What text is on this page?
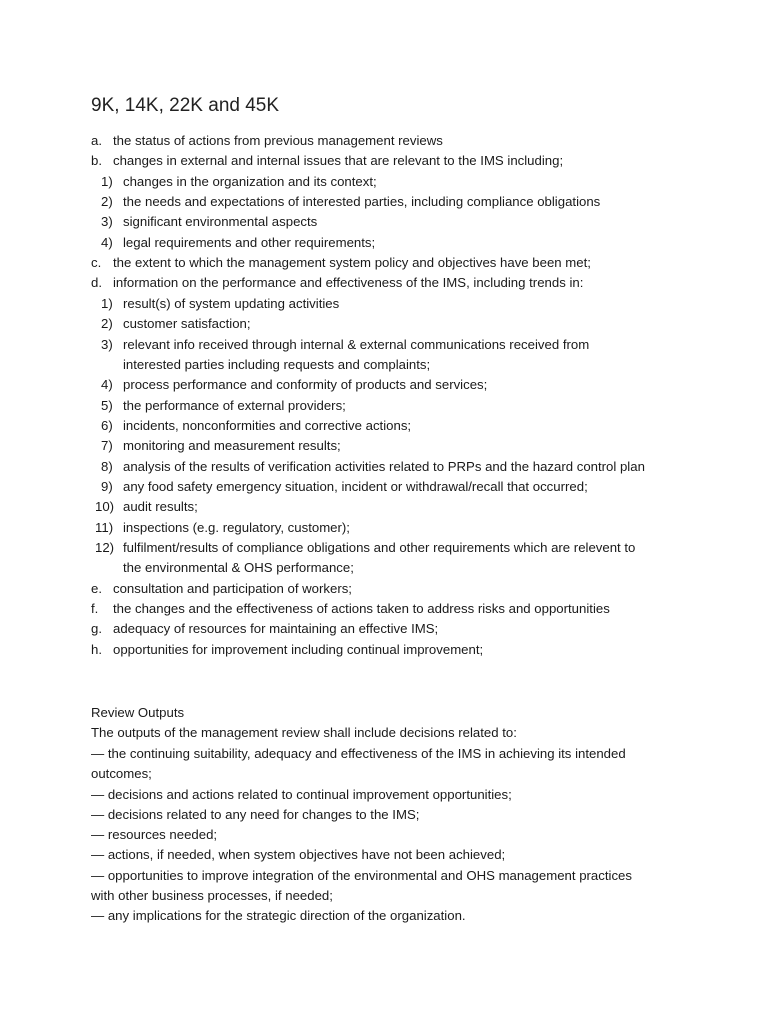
9K, 14K, 22K and 45K
a. the status of actions from previous management reviews
b. changes in external and internal issues that are relevant to the IMS including;
1) changes in the organization and its context;
2) the needs and expectations of interested parties, including compliance obligations
3) significant environmental aspects
4) legal requirements and other requirements;
c. the extent to which the management system policy and objectives have been met;
d. information on the performance and effectiveness of the IMS, including trends in:
1) result(s) of system updating activities
2) customer satisfaction;
3) relevant info received through internal & external communications received from
interested parties including requests and complaints;
4) process performance and conformity of products and services;
5) the performance of external providers;
6) incidents, nonconformities and corrective actions;
7) monitoring and measurement results;
8) analysis of the results of verification activities related to PRPs and the hazard control plan
9) any food safety emergency situation, incident or withdrawal/recall that occurred;
10) audit results;
11) inspections (e.g. regulatory, customer);
12) fulfilment/results of compliance obligations and other requirements which are relevent to
the environmental & OHS performance;
e. consultation and participation of workers;
f. the changes and the effectiveness of actions taken to address risks and opportunities
g. adequacy of resources for maintaining an effective IMS;
h. opportunities for improvement including continual improvement;
Review Outputs
The outputs of the management review shall include decisions related to:
— the continuing suitability, adequacy and effectiveness of the IMS in achieving its intended
outcomes;
— decisions and actions related to continual improvement opportunities;
— decisions related to any need for changes to the IMS;
— resources needed;
— actions, if needed, when system objectives have not been achieved;
— opportunities to improve integration of the environmental and OHS management practices
with other business processes, if needed;
— any implications for the strategic direction of the organization.
